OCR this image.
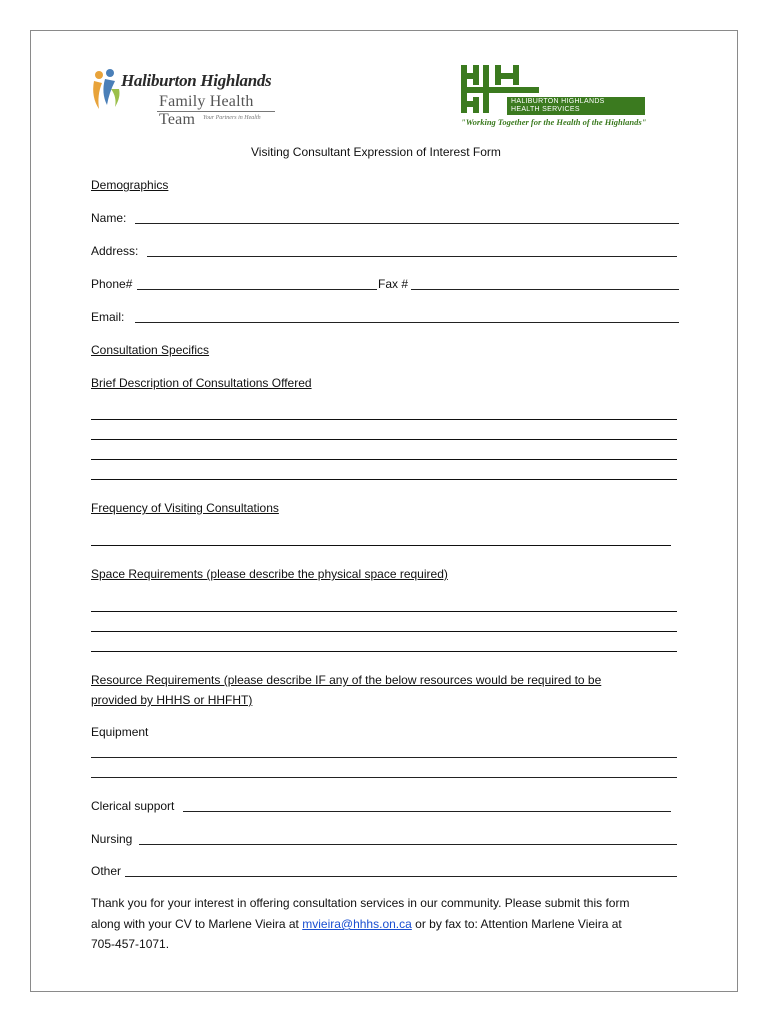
Haliburton Highlands
Family Health Team	Your Partners in Health
HALIBURTON HIGHLANDS
HEALTH SERVICES
"Working Together for the Health of the Highlands"
Visiting Consultant Expression of Interest Form
Demographics
Name:
Address:
Phone#	Fax #
Email:
Consultation Specifics
Brief Description of Consultations Offered
Frequency of Visiting Consultations
Space Requirements (please describe the physical space required)
Resource Requirements (please describe IF any of the below resources would be required to be
provided by HHHS or HHFHT)
Equipment
Clerical support
Nursing
Other
Thank you for your interest in offering consultation services in our community. Please submit this form
along with your CV to Marlene Vieira at mvieira@hhhs.on.ca or by fax to: Attention Marlene Vieira at
705-457-1071.
